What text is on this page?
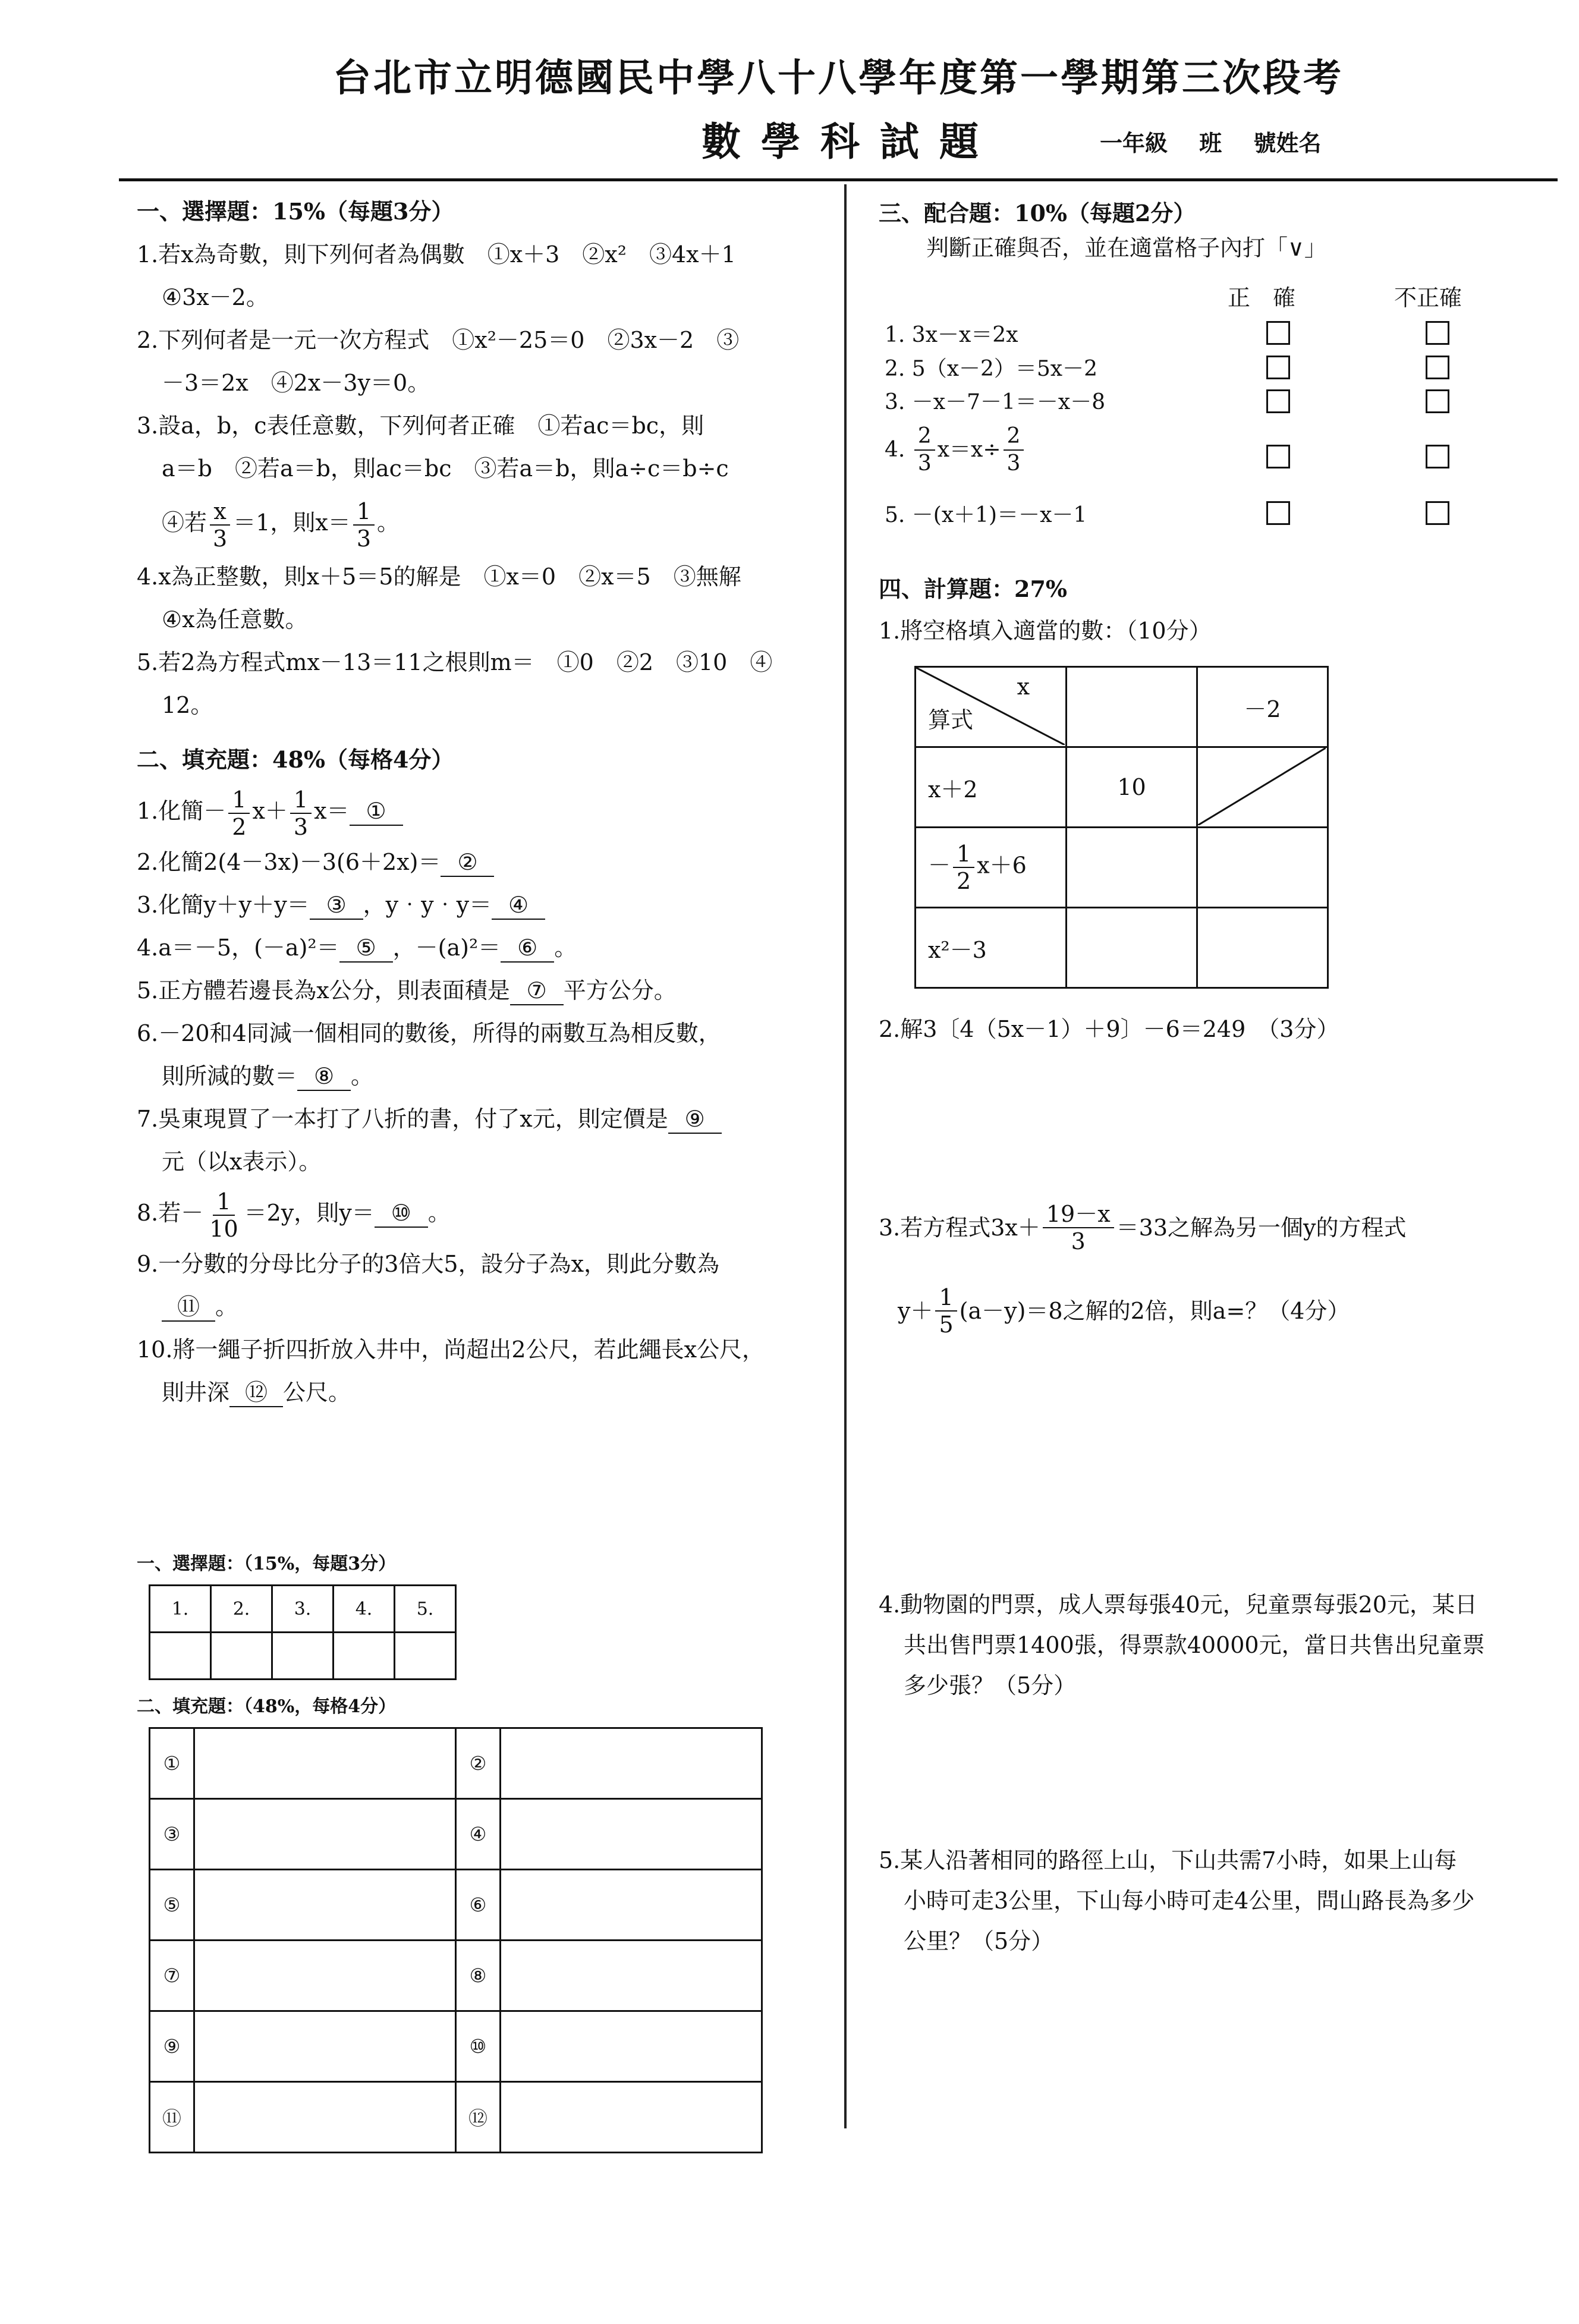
台北市立明德國民中學八十八學年度第一學期第三次段考
數學科試題	一年級 班 號姓名

一、選擇題：15%（每題3分）

1.若x為奇數，則下列何者為偶數　①x＋3　②x²　③4x＋1

④3x－2。

2.下列何者是一元一次方程式　①x²－25＝0　②3x－2　③

－3＝2x　④2x－3y＝0。

3.設a，b，c表任意數，下列何者正確　①若ac＝bc，則

a＝b　②若a＝b，則ac＝bc　③若a＝b，則a÷c＝b÷c

④若 $\frac{x}{3} =1$，則$x= \frac{1}{3}$ 。

4.x為正整數，則x＋5＝5的解是　①x＝0　②x＝5　③無解

④x為任意數。

5.若2為方程式mx－13＝11之根則m＝　①0　②2　③10　④

12。

二、填充題：48%（每格4分）

1.化簡－ $\frac{1}{2} x+ \frac{1}{3} x=$ ①

2.化簡2(4－3x)－3(6＋2x)＝ ②

3.化簡y＋y＋y＝ ③ ，y‧y‧y＝ ④

4.a＝－5，(－a)²＝ ⑤ ，－(a)²＝ ⑥ 。

5.正方體若邊長為x公分，則表面積是 ⑦ 平方公分。

6.－20和4同減一個相同的數後，所得的兩數互為相反數，

則所減的數＝ ⑧ 。

7.吳東現買了一本打了八折的書，付了x元，則定價是 ⑨

元（以x表示）。

8.若－ $\frac{1}{10} =2y$，則y＝ ⑩ 。

9.一分數的分母比分子的3倍大5，設分子為x，則此分數為

⑪ 。

10.將一繩子折四折放入井中，尚超出2公尺，若此繩長x公尺，

則井深 ⑫ 公尺。

一、選擇題：（15%，每題3分）
1.	2.	3.	4.	5.

二、填充題：（48%，每格4分）
①		②	
③		④	
⑤		⑥	
⑦		⑧	
⑨		⑩	
⑪		⑫	

三、配合題：10%（每題2分）

判斷正確與否，並在適當格子內打「∨」

正　確	不正確
1. 3x－x＝2x
2. 5（x－2）＝5x－2
3. －x－7－1＝－x－8
4. $\frac{2}{3} x=x\div \frac{2}{3}$
5. －(x＋1)＝－x－1
四、計算題：27%
1.將空格填入適當的數：（10分）
x
算式		－2
x＋2	10	

－ $\frac{1}{2} x+6$		
x²－3		
2.解3〔4（5x－1）＋9〕－6＝249　（3分）
3.若方程式$3x+ \frac{19-x}{3} =33$之解為另一個y的方程式
$y+ \frac{1}{5} (a-y)=8$之解的2倍，則a=？（4分）
4.動物園的門票，成人票每張40元，兒童票每張20元，某日
共出售門票1400張，得票款40000元，當日共售出兒童票
多少張？（5分）
5.某人沿著相同的路徑上山，下山共需7小時，如果上山每
小時可走3公里，下山每小時可走4公里，問山路長為多少
公里？（5分）
